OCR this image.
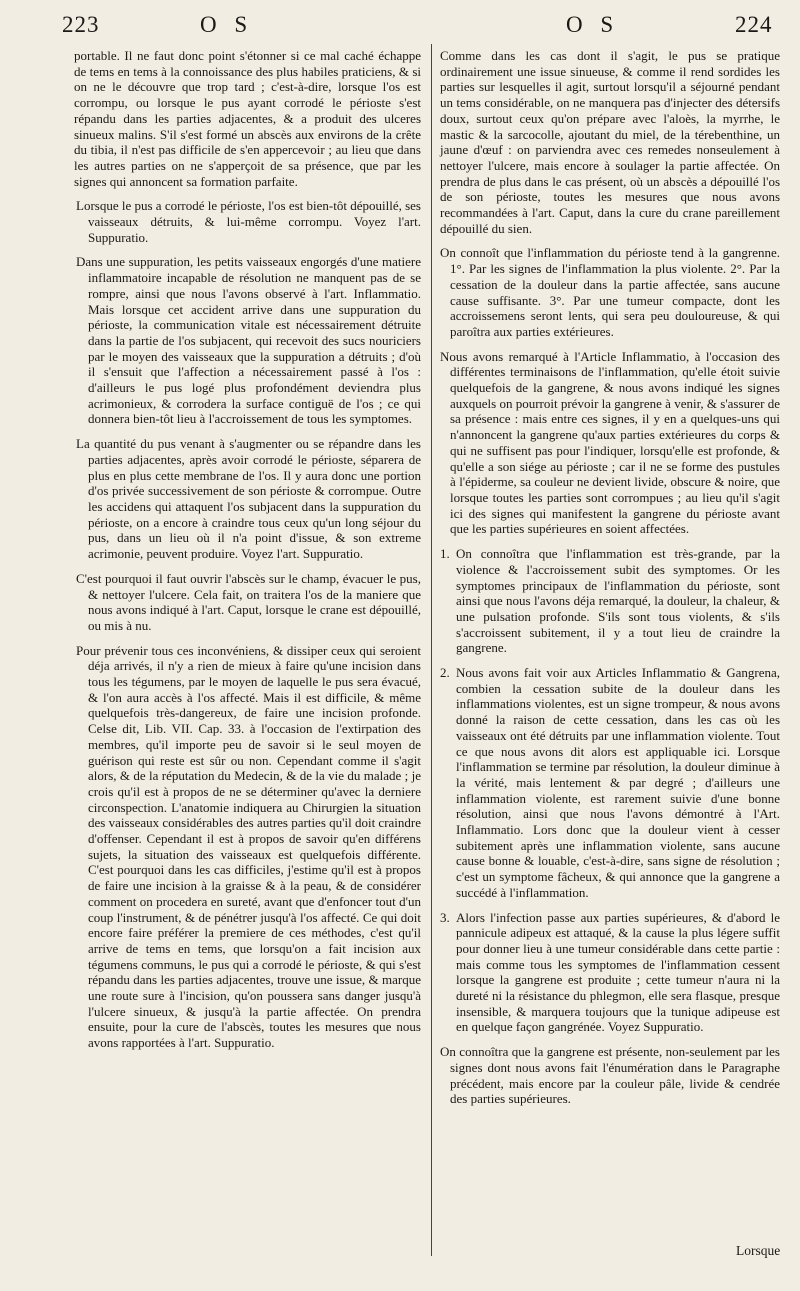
223	O S	O S	224

portable. Il ne faut donc point s'étonner si ce mal caché échappe de tems en tems à la connoissance des plus habiles praticiens, & si on ne le découvre que trop tard ; c'est-à-dire, lorsque l'os est corrompu, ou lorsque le pus ayant corrodé le périoste s'est répandu dans les parties adjacentes, & a produit des ulceres sinueux malins. S'il s'est formé un abscès aux environs de la crête du tibia, il n'est pas difficile de s'en appercevoir ; au lieu que dans les autres parties on ne s'apperçoit de sa présence, que par les signes qui annoncent sa formation parfaite.

Lorsque le pus a corrodé le périoste, l'os est bien-tôt dépouillé, ses vaisseaux détruits, & lui-même corrompu. Voyez l'art. Suppuratio.

Dans une suppuration, les petits vaisseaux engorgés d'une matiere inflammatoire incapable de résolution ne manquent pas de se rompre, ainsi que nous l'avons observé à l'art. Inflammatio. Mais lorsque cet accident arrive dans une suppuration du périoste, la communication vitale est nécessairement détruite dans la partie de l'os subjacent, qui recevoit des sucs nouriciers par le moyen des vaisseaux que la suppuration a détruits ; d'où il s'ensuit que l'affection a nécessairement passé à l'os : d'ailleurs le pus logé plus profondément deviendra plus acrimonieux, & corrodera la surface contiguë de l'os ; ce qui donnera bien-tôt lieu à l'accroissement de tous les symptomes.

La quantité du pus venant à s'augmenter ou se répandre dans les parties adjacentes, après avoir corrodé le périoste, séparera de plus en plus cette membrane de l'os. Il y aura donc une portion d'os privée successivement de son périoste & corrompue. Outre les accidens qui attaquent l'os subjacent dans la suppuration du périoste, on a encore à craindre tous ceux qu'un long séjour du pus, dans un lieu où il n'a point d'issue, & son extreme acrimonie, peuvent produire. Voyez l'art. Suppuratio.

C'est pourquoi il faut ouvrir l'abscès sur le champ, évacuer le pus, & nettoyer l'ulcere. Cela fait, on traitera l'os de la maniere que nous avons indiqué à l'art. Caput, lorsque le crane est dépouillé, ou mis à nu.

Pour prévenir tous ces inconvéniens, & dissiper ceux qui seroient déja arrivés, il n'y a rien de mieux à faire qu'une incision dans tous les tégumens, par le moyen de laquelle le pus sera évacué, & l'on aura accès à l'os affecté. Mais il est difficile, & même quelquefois très-dangereux, de faire une incision profonde. Celse dit, Lib. VII. Cap. 33. à l'occasion de l'extirpation des membres, qu'il importe peu de savoir si le seul moyen de guérison qui reste est sûr ou non. Cependant comme il s'agit alors, & de la réputation du Medecin, & de la vie du malade ; je crois qu'il est à propos de ne se déterminer qu'avec la derniere circonspection. L'anatomie indiquera au Chirurgien la situation des vaisseaux considérables des autres parties qu'il doit craindre d'offenser. Cependant il est à propos de savoir qu'en différens sujets, la situation des vaisseaux est quelquefois différente. C'est pourquoi dans les cas difficiles, j'estime qu'il est à propos de faire une incision à la graisse & à la peau, & de considérer comment on procedera en sureté, avant que d'enfoncer tout d'un coup l'instrument, & de pénétrer jusqu'à l'os affecté. Ce qui doit encore faire préférer la premiere de ces méthodes, c'est qu'il arrive de tems en tems, que lorsqu'on a fait incision aux tégumens communs, le pus qui a corrodé le périoste, & qui s'est répandu dans les parties adjacentes, trouve une issue, & marque une route sure à l'incision, qu'on poussera sans danger jusqu'à l'ulcere sinueux, & jusqu'à la partie affectée. On prendra ensuite, pour la cure de l'abscès, toutes les mesures que nous avons rapportées à l'art. Suppuratio.

Comme dans les cas dont il s'agit, le pus se pratique ordinairement une issue sinueuse, & comme il rend sordides les parties sur lesquelles il agit, surtout lorsqu'il a séjourné pendant un tems considérable, on ne manquera pas d'injecter des détersifs doux, surtout ceux qu'on prépare avec l'aloès, la myrrhe, le mastic & la sarcocolle, ajoutant du miel, de la térebenthine, un jaune d'œuf : on parviendra avec ces remedes nonseulement à nettoyer l'ulcere, mais encore à soulager la partie affectée. On prendra de plus dans le cas présent, où un abscès a dépouillé l'os de son périoste, toutes les mesures que nous avons recommandées à l'art. Caput, dans la cure du crane pareillement dépouillé du sien.

On connoît que l'inflammation du périoste tend à la gangrenne. 1°. Par les signes de l'inflammation la plus violente. 2°. Par la cessation de la douleur dans la partie affectée, sans aucune cause suffisante. 3°. Par une tumeur compacte, dont les accroissemens seront lents, qui sera peu douloureuse, & qui paroîtra aux parties extérieures.

Nous avons remarqué à l'Article Inflammatio, à l'occasion des différentes terminaisons de l'inflammation, qu'elle étoit suivie quelquefois de la gangrene, & nous avons indiqué les signes auxquels on pourroit prévoir la gangrene à venir, & s'assurer de sa présence : mais entre ces signes, il y en a quelques-uns qui n'annoncent la gangrene qu'aux parties extérieures du corps & qui ne suffisent pas pour l'indiquer, lorsqu'elle est profonde, & qu'elle a son siége au périoste ; car il ne se forme des pustules à l'épiderme, sa couleur ne devient livide, obscure & noire, que lorsque toutes les parties sont corrompues ; au lieu qu'il s'agit ici des signes qui manifestent la gangrene du périoste avant que les parties supérieures en soient affectées.

1. On connoîtra que l'inflammation est très-grande, par la violence & l'accroissement subit des symptomes. Or les symptomes principaux de l'inflammation du périoste, sont ainsi que nous l'avons déja remarqué, la douleur, la chaleur, & une pulsation profonde. S'ils sont tous violents, & s'ils s'accroissent subitement, il y a tout lieu de craindre la gangrene.

2. Nous avons fait voir aux Articles Inflammatio & Gangrena, combien la cessation subite de la douleur dans les inflammations violentes, est un signe trompeur, & nous avons donné la raison de cette cessation, dans les cas où les vaisseaux ont été détruits par une inflammation violente. Tout ce que nous avons dit alors est appliquable ici. Lorsque l'inflammation se termine par résolution, la douleur diminue à la vérité, mais lentement & par degré ; d'ailleurs une inflammation violente, est rarement suivie d'une bonne résolution, ainsi que nous l'avons démontré à l'Art. Inflammatio. Lors donc que la douleur vient à cesser subitement après une inflammation violente, sans aucune cause bonne & louable, c'est-à-dire, sans signe de résolution ; c'est un symptome fâcheux, & qui annonce que la gangrene a succédé à l'inflammation.

3. Alors l'infection passe aux parties supérieures, & d'abord le pannicule adipeux est attaqué, & la cause la plus légere suffit pour donner lieu à une tumeur considérable dans cette partie : mais comme tous les symptomes de l'inflammation cessent lorsque la gangrene est produite ; cette tumeur n'aura ni la dureté ni la résistance du phlegmon, elle sera flasque, presque insensible, & marquera toujours que la tunique adipeuse est en quelque façon gangrénée. Voyez Suppuratio.

On connoîtra que la gangrene est présente, non-seulement par les signes dont nous avons fait l'énumération dans le Paragraphe précédent, mais encore par la couleur pâle, livide & cendrée des parties supérieures.

Lorsque
